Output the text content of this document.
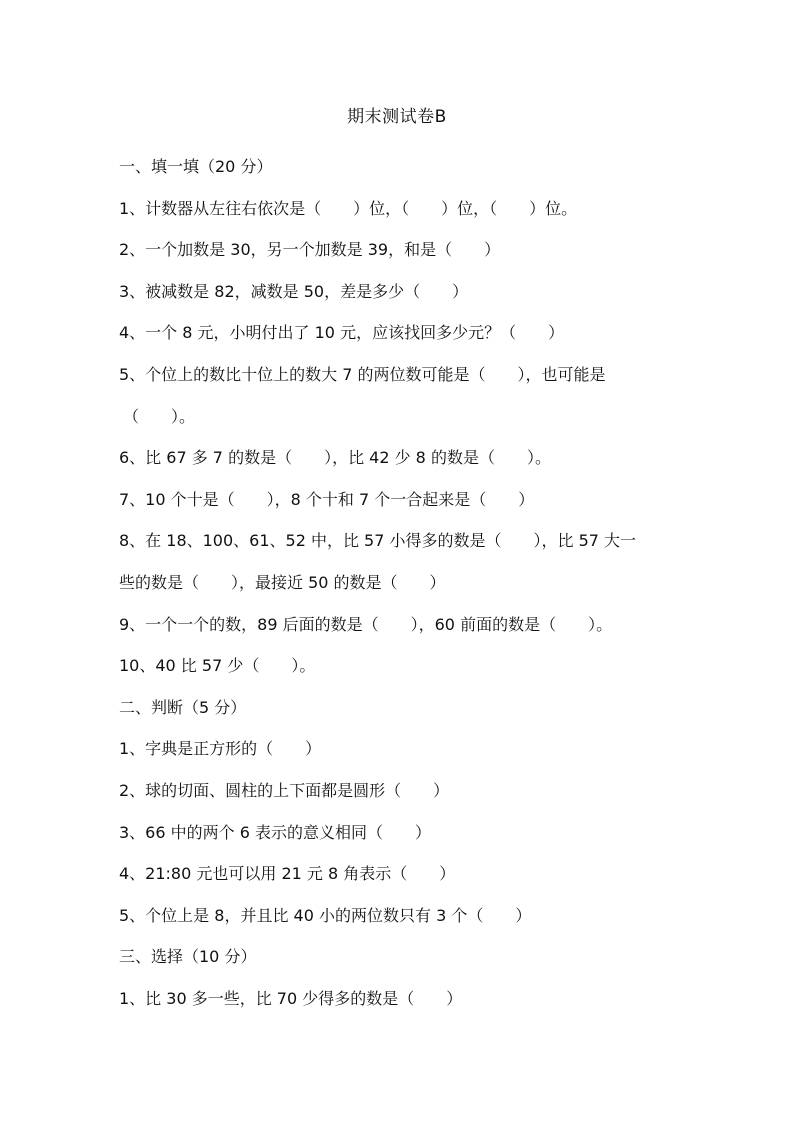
期末测试卷B
一、填一填（20 分）
1、计数器从左往右依次是（　　）位，（　　）位，（　　）位。
2、一个加数是 30，另一个加数是 39，和是（　　）
3、被减数是 82，减数是 50，差是多少（　　）
4、一个 8 元，小明付出了 10 元，应该找回多少元？（　　）
5、个位上的数比十位上的数大 7 的两位数可能是（　　），也可能是
（　　）。
6、比 67 多 7 的数是（　　），比 42 少 8 的数是（　　）。
7、10 个十是（　　），8 个十和 7 个一合起来是（　　）
8、在 18、100、61、52 中，比 57 小得多的数是（　　），比 57 大一
些的数是（　　），最接近 50 的数是（　　）
9、一个一个的数，89 后面的数是（　　），60 前面的数是（　　）。
10、40 比 57 少（　　）。
二、判断（5 分）
1、字典是正方形的（　　）
2、球的切面、圆柱的上下面都是圆形（　　）
3、66 中的两个 6 表示的意义相同（　　）
4、21:80 元也可以用 21 元 8 角表示（　　）
5、个位上是 8，并且比 40 小的两位数只有 3 个（　　）
三、选择（10 分）
1、比 30 多一些，比 70 少得多的数是（　　）
